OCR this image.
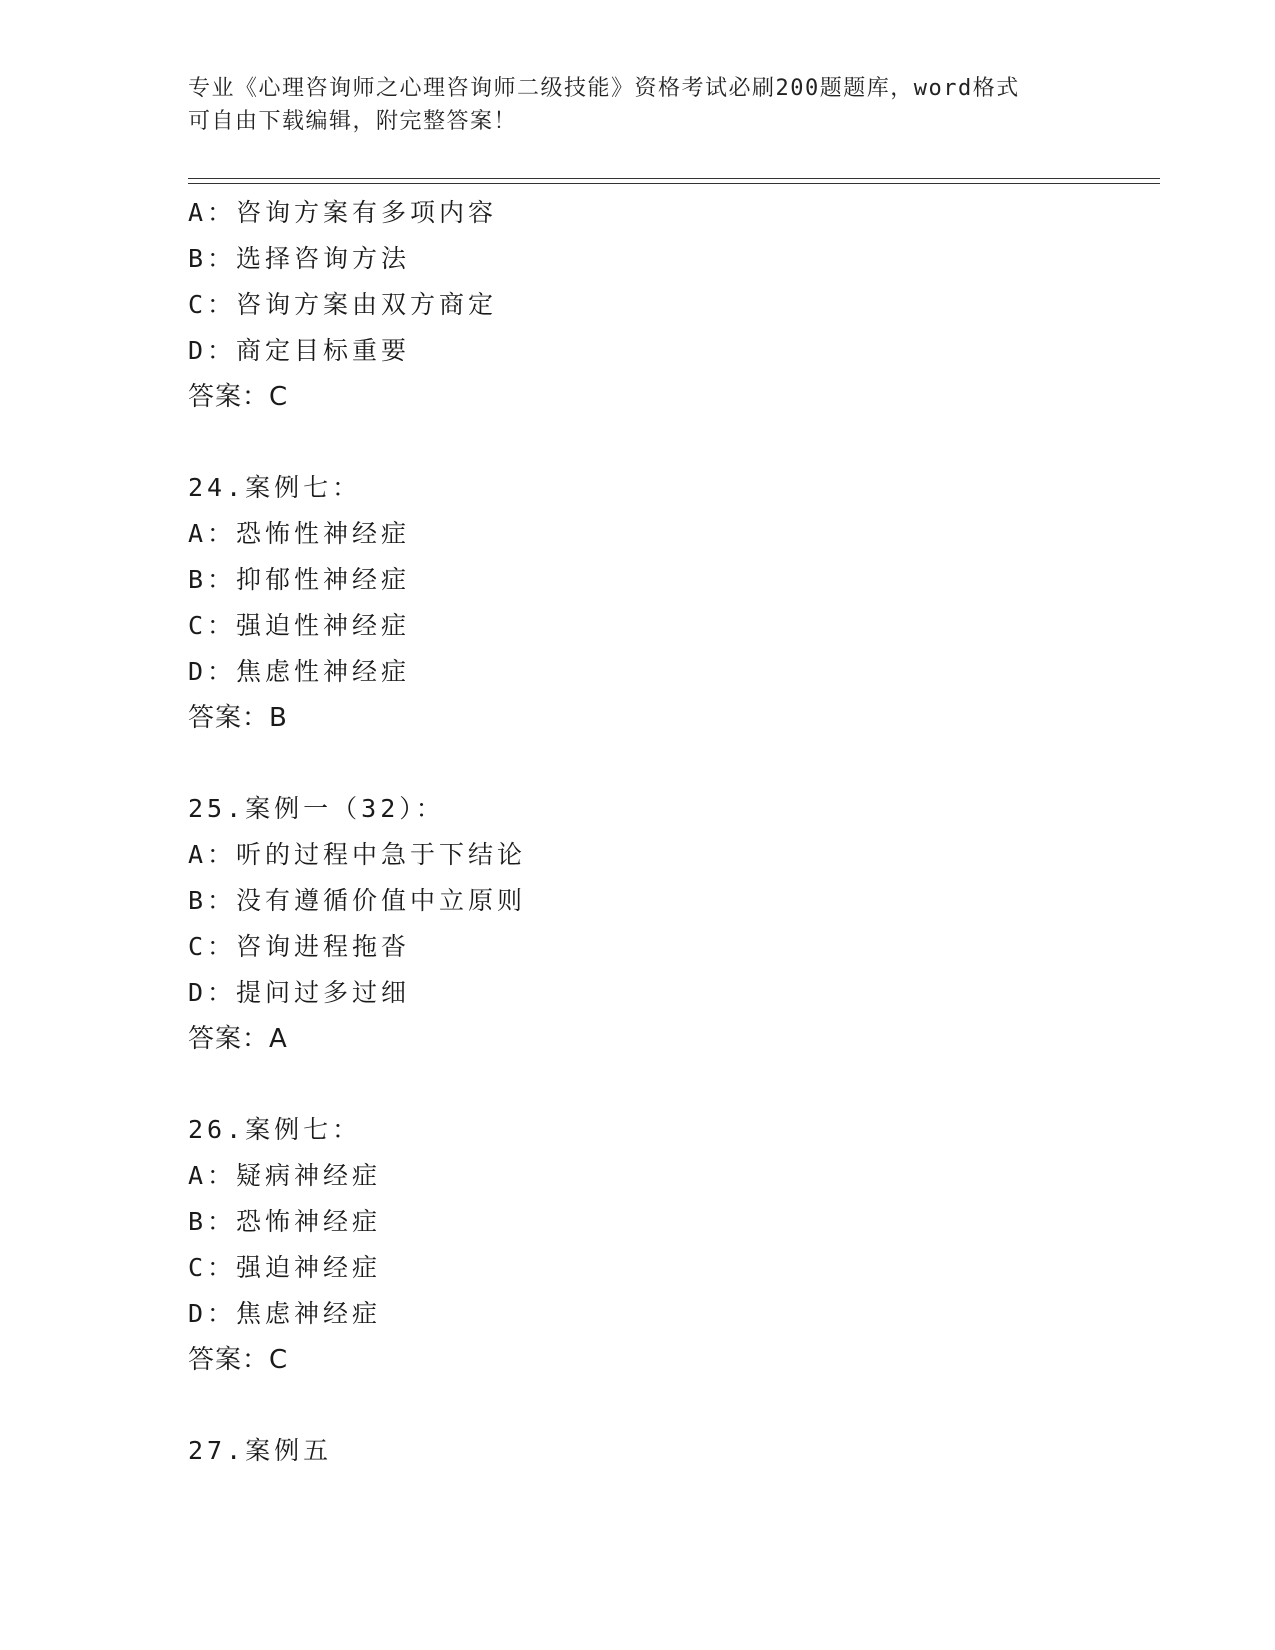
专业《心理咨询师之心理咨询师二级技能》资格考试必刷200题题库，word格式
可自由下载编辑，附完整答案！
A：咨询方案有多项内容
B：选择咨询方法
C：咨询方案由双方商定
D：商定目标重要
答案：C
24.案例七：
A：恐怖性神经症
B：抑郁性神经症
C：强迫性神经症
D：焦虑性神经症
答案：B
25.案例一（32）：
A：听的过程中急于下结论
B：没有遵循价值中立原则
C：咨询进程拖沓
D：提问过多过细
答案：A
26.案例七：
A：疑病神经症
B：恐怖神经症
C：强迫神经症
D：焦虑神经症
答案：C
27.案例五
